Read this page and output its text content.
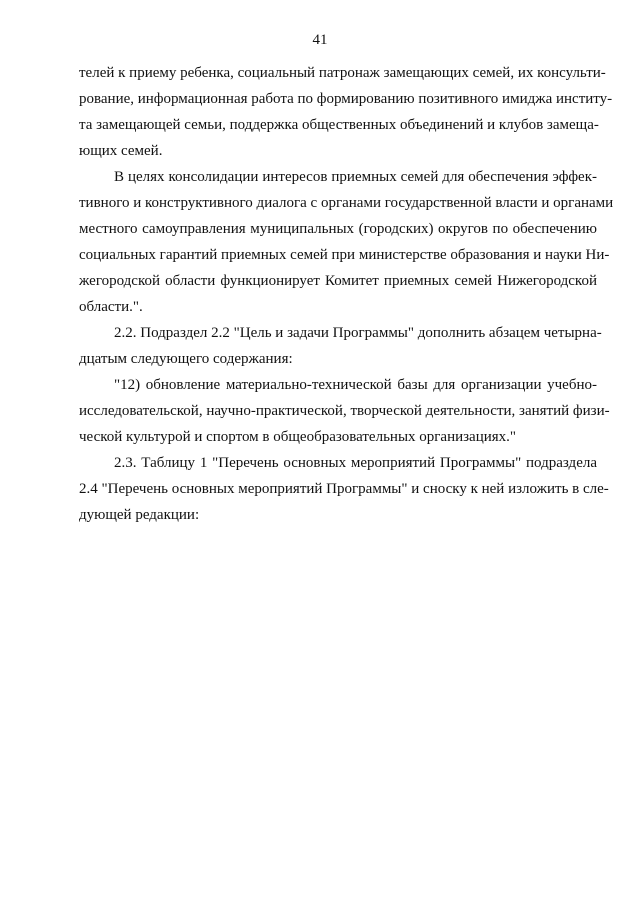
41
телей к приему ребенка, социальный патронаж замещающих семей, их консульти-
рование, информационная работа по формированию позитивного имиджа институ-
та замещающей семьи, поддержка общественных объединений и клубов замеща-
ющих семей.
В целях консолидации интересов приемных семей для обеспечения эффек-
тивного и конструктивного диалога с органами государственной власти и органами
местного самоуправления муниципальных (городских) округов по обеспечению
социальных гарантий приемных семей при министерстве образования и науки Ни-
жегородской области функционирует Комитет приемных семей Нижегородской
области.".
2.2. Подраздел 2.2 "Цель и задачи Программы" дополнить абзацем четырна-
дцатым следующего содержания:
"12) обновление материально-технической базы для организации учебно-
исследовательской, научно-практической, творческой деятельности, занятий физи-
ческой культурой и спортом в общеобразовательных организациях."
2.3. Таблицу 1 "Перечень основных мероприятий Программы" подраздела
2.4 "Перечень основных мероприятий Программы" и сноску к ней изложить в сле-
дующей редакции:
